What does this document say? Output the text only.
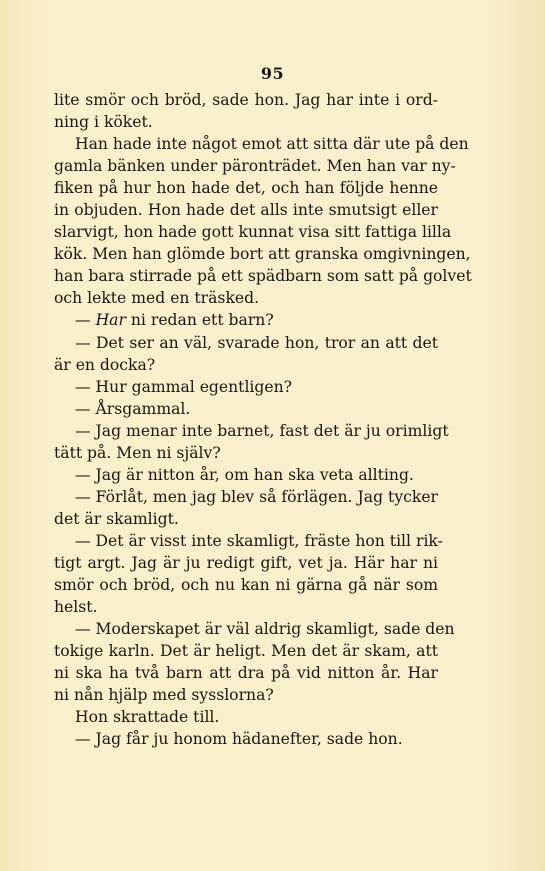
95
lite smör och bröd, sade hon. Jag har inte i ord-
ning i köket.
Han hade inte något emot att sitta där ute på den
gamla bänken under päronträdet. Men han var ny-
fiken på hur hon hade det, och han följde henne
in objuden. Hon hade det alls inte smutsigt eller
slarvigt, hon hade gott kunnat visa sitt fattiga lilla
kök. Men han glömde bort att granska omgivningen,
han bara stirrade på ett spädbarn som satt på golvet
och lekte med en träsked.
— Har ni redan ett barn?
— Det ser an väl, svarade hon, tror an att det
är en docka?
— Hur gammal egentligen?
— Årsgammal.
— Jag menar inte barnet, fast det är ju orimligt
tätt på. Men ni själv?
— Jag är nitton år, om han ska veta allting.
— Förlåt, men jag blev så förlägen. Jag tycker
det är skamligt.
— Det är visst inte skamligt, fräste hon till rik-
tigt argt. Jag är ju redigt gift, vet ja. Här har ni
smör och bröd, och nu kan ni gärna gå när som
helst.
— Moderskapet är väl aldrig skamligt, sade den
tokige karln. Det är heligt. Men det är skam, att
ni ska ha två barn att dra på vid nitton år. Har
ni nån hjälp med sysslorna?
Hon skrattade till.
— Jag får ju honom hädanefter, sade hon.
